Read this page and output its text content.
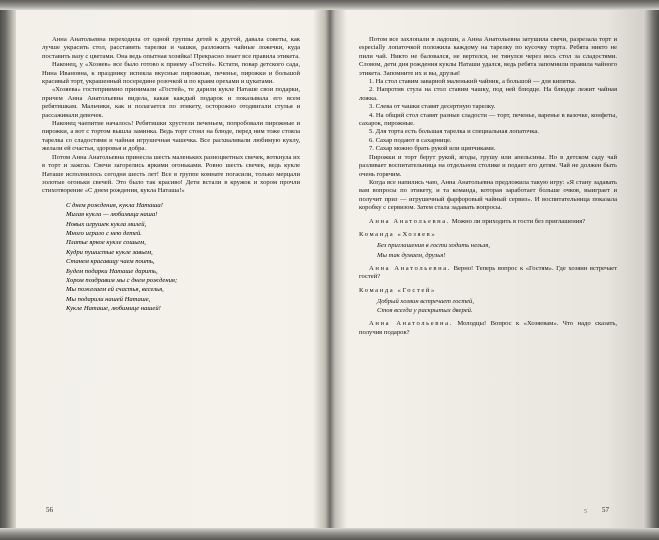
Анна Анатольевна переходила от одной группы детей к другой, давала советы, как лучше украсить стол, расставить тарелки и чашки, разложить чайные ложечки, куда поставить вазу с цветами. Она ведь опытная хозяйка! Прекрасно знает все правила этикета.

Наконец, у «Хозяев» все было готово к приему «Гостей». Кстати, повар детского сада, Нина Ивановна, к празднику испекла вкусные пирожные, печенье, пирожки и большой красивый торт, украшенный посередине розочкой и по краям орехами и цукатами.

«Хозяева» гостеприимно принимали «Гостей», те дарили куклe Наташе свои подарки, причем Анна Анатольевна видела, какая каждый подарок и показывала его всем ребятишкам. Мальчики, как и полагается по этикету, осторожно отодвигали стулья и рассаживали девочек.

Наконец чаепитие началось! Ребятишки хрустели печеньем, попробовали пирожные и пирожки, а вот с тортом вышла заминка. Ведь торт стоял на блюде, перед ним тоже стояла тарелка со сладостями и чайная игрушечная чашечка. Все расхваливали любимую куклу, желали ей счастья, здоровья и добра.

Потом Анна Анатольевна принесла шесть маленьких разноцветных свечек, воткнула их в торт и зажгла. Свечи загорелись яркими огоньками. Ровно шесть свечек, ведь кукле Наташе исполнилось сегодня шесть лет! Все в группе комнате погасили, только мерцали золотые огоньки свечей. Это было так красиво! Дети встали в кружок и хором прочли стихотворение «С днем рождения, кукла Наташа!»

С днем рождения, кукла Наташа!
Милая кукла — любимица наша!
Новых игрушек кукла милей,
Много играло с нею детей.
Платье яркое кукле сошьем,
Кудри пушистые куклe завьем,
Станем красавицу чаем поить,
Будем подарки Наташе дарить,
Хором поздравим мы с днем рождения;
Мы пожелаем ей счастья, веселья,
Мы подарили нашей Наташе,
Кукле Наташе, любимице нашей!
56

Потом все захлопали в ладоши, а Анна Анатольевна затушила свечи, разрезала торт и especially лопаточкой положила каждому на тарелку по кусочку торта. Ребята никто не пили чай. Никто не баловался, не вертелся, не тянулся через весь стол за сладостями. Словом, дети дня рождения куклы Наташи удался, ведь ребята запомнили правила чайного этикета. Запомните их и вы, друзья!

1. На стол ставим заварной маленький чайник, а большой — для кипятка.

2. Напротив стула на стол ставим чашку, под ней блюдце. На блюдце лежит чайная ложка.

3. Слева от чашки ставят десертную тарелку.

4. На общий стол ставят разные сладости — торт, печенье, варенье в вазочке, конфеты, сахарок, пирожные.

5. Для торта есть большая тарелка и специальная лопаточка.

6. Сахар подают в сахарнице.

7. Сахар можно брать рукой или щипчиками.

Пирожки и торт берут рукой, ягоды, грушу или апельсины. Но в детском саду чай разливает воспитательница на отдельном столике и подает его детям. Чай не должен быть очень горячим.

Когда все напились чаю, Анна Анатольевна предложила такую игру: «Я стану задавать вам вопросы по этикету, и та команда, которая заработает больше очков, выиграет и получит приз — игрушечный фарфоровый чайный сервиз». И воспитательница показала коробку с сервизом. Затем стала задавать вопросы.

Анна Анатольевна. Можно ли приходить в гости без приглашения?

Команда «Хозяев»

Без приглашения в гости ходить нельзя,
Мы так думаем, друзья!

Анна Анатольевна. Верно! Теперь вопрос к «Гостям». Где хозяин встречает гостей?

Команда «Гостей»

Добрый хозяин встречает гостей,
Стоя всегда у раскрытых дверей.

Анна Анатольевна. Молодцы! Вопрос к «Хозяевам». Что надо сказать, получив подарок?

5 57
